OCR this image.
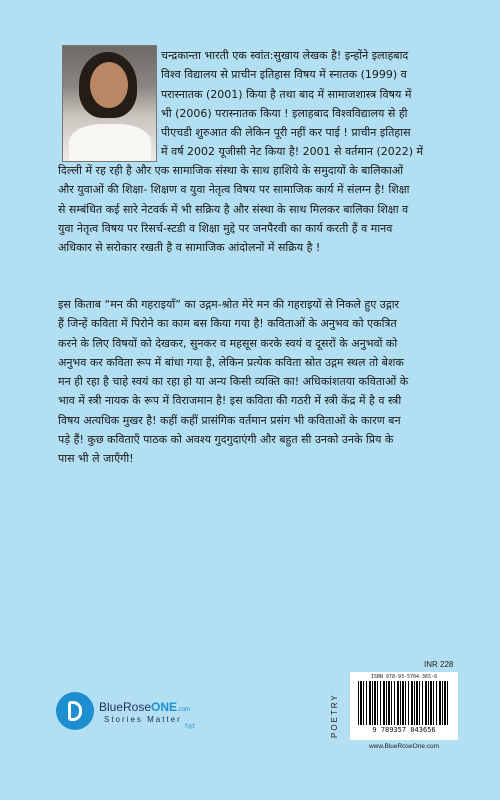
चन्द्रकान्ता भारती एक स्वांत:सुखाय लेखक है! इन्होंने इलाहबाद
विश्व विद्यालय से प्राचीन इतिहास विषय में स्नातक (1999) व
परास्नातक (2001) किया है तथा बाद में सामाजशास्त्र विषय में
भी (2006) परास्नातक किया ! इलाहबाद विश्वविद्यालय से ही
पीएचडी शुरुआत की लेकिन पूरी नहीं कर पाई ! प्राचीन इतिहास
में वर्ष 2002 यूजीसी नेट किया है! 2001 से वर्तमान (2022) में
दिल्ली में रह रही है और एक सामाजिक संस्था के साथ हाशिये के समुदायों के बालिकाओं
और युवाओं की शिक्षा- शिक्षण व युवा नेतृत्व विषय पर सामाजिक कार्य में संलग्न है! शिक्षा
से सम्बंधित कई सारे नेटवर्क में भी सक्रिय है और संस्था के साथ मिलकर बालिका शिक्षा व
युवा नेतृत्व विषय पर रिसर्च-स्टडी व शिक्षा मुद्दे पर जनपैरवी का कार्य करती हैं व मानव
अधिकार से सरोकार रखती है व सामाजिक आंदोलनों में सक्रिय है !
इस किताब “मन की गहराइयाँ” का उद्गम-श्रोत मेरे मन की गहराइयों से निकले हुए उद्गार
हैं जिन्हें कविता में पिरोने का काम बस किया गया है! कविताओं के अनुभव को एकत्रित
करने के लिए विषयों को देखकर, सुनकर व महसूस करके स्वयं व दूसरों के अनुभवों को
अनुभव कर कविता रूप में बांधा गया है, लेकिन प्रत्येक कविता स्रोत उद्गम स्थल तो बेशक
मन ही रहा है चाहे स्वयं का रहा हो या अन्य किसी व्यक्ति का! अधिकांशतया कविताओं के
भाव में स्त्री नायक के रूप में विराजमान है! इस कविता की गठरी में स्त्री केंद्र में है व स्त्री
विषय अत्यधिक मुखर है! कहीं कहीं प्रासंगिक वर्तमान प्रसंग भी कविताओं के कारण बन
पड़े हैं! कुछ कविताएँ पाठक को अवश्य गुदगुदाएंगी और बहुत सी उनको उनके प्रिय के
पास भी ले जाएँगी!
BlueRoseONE.com
Stories Matter
f◎t	POETRY
INR 228
ISBN 978-93-5704-365-6
9 789357 043656
www.BlueRoseOne.com
